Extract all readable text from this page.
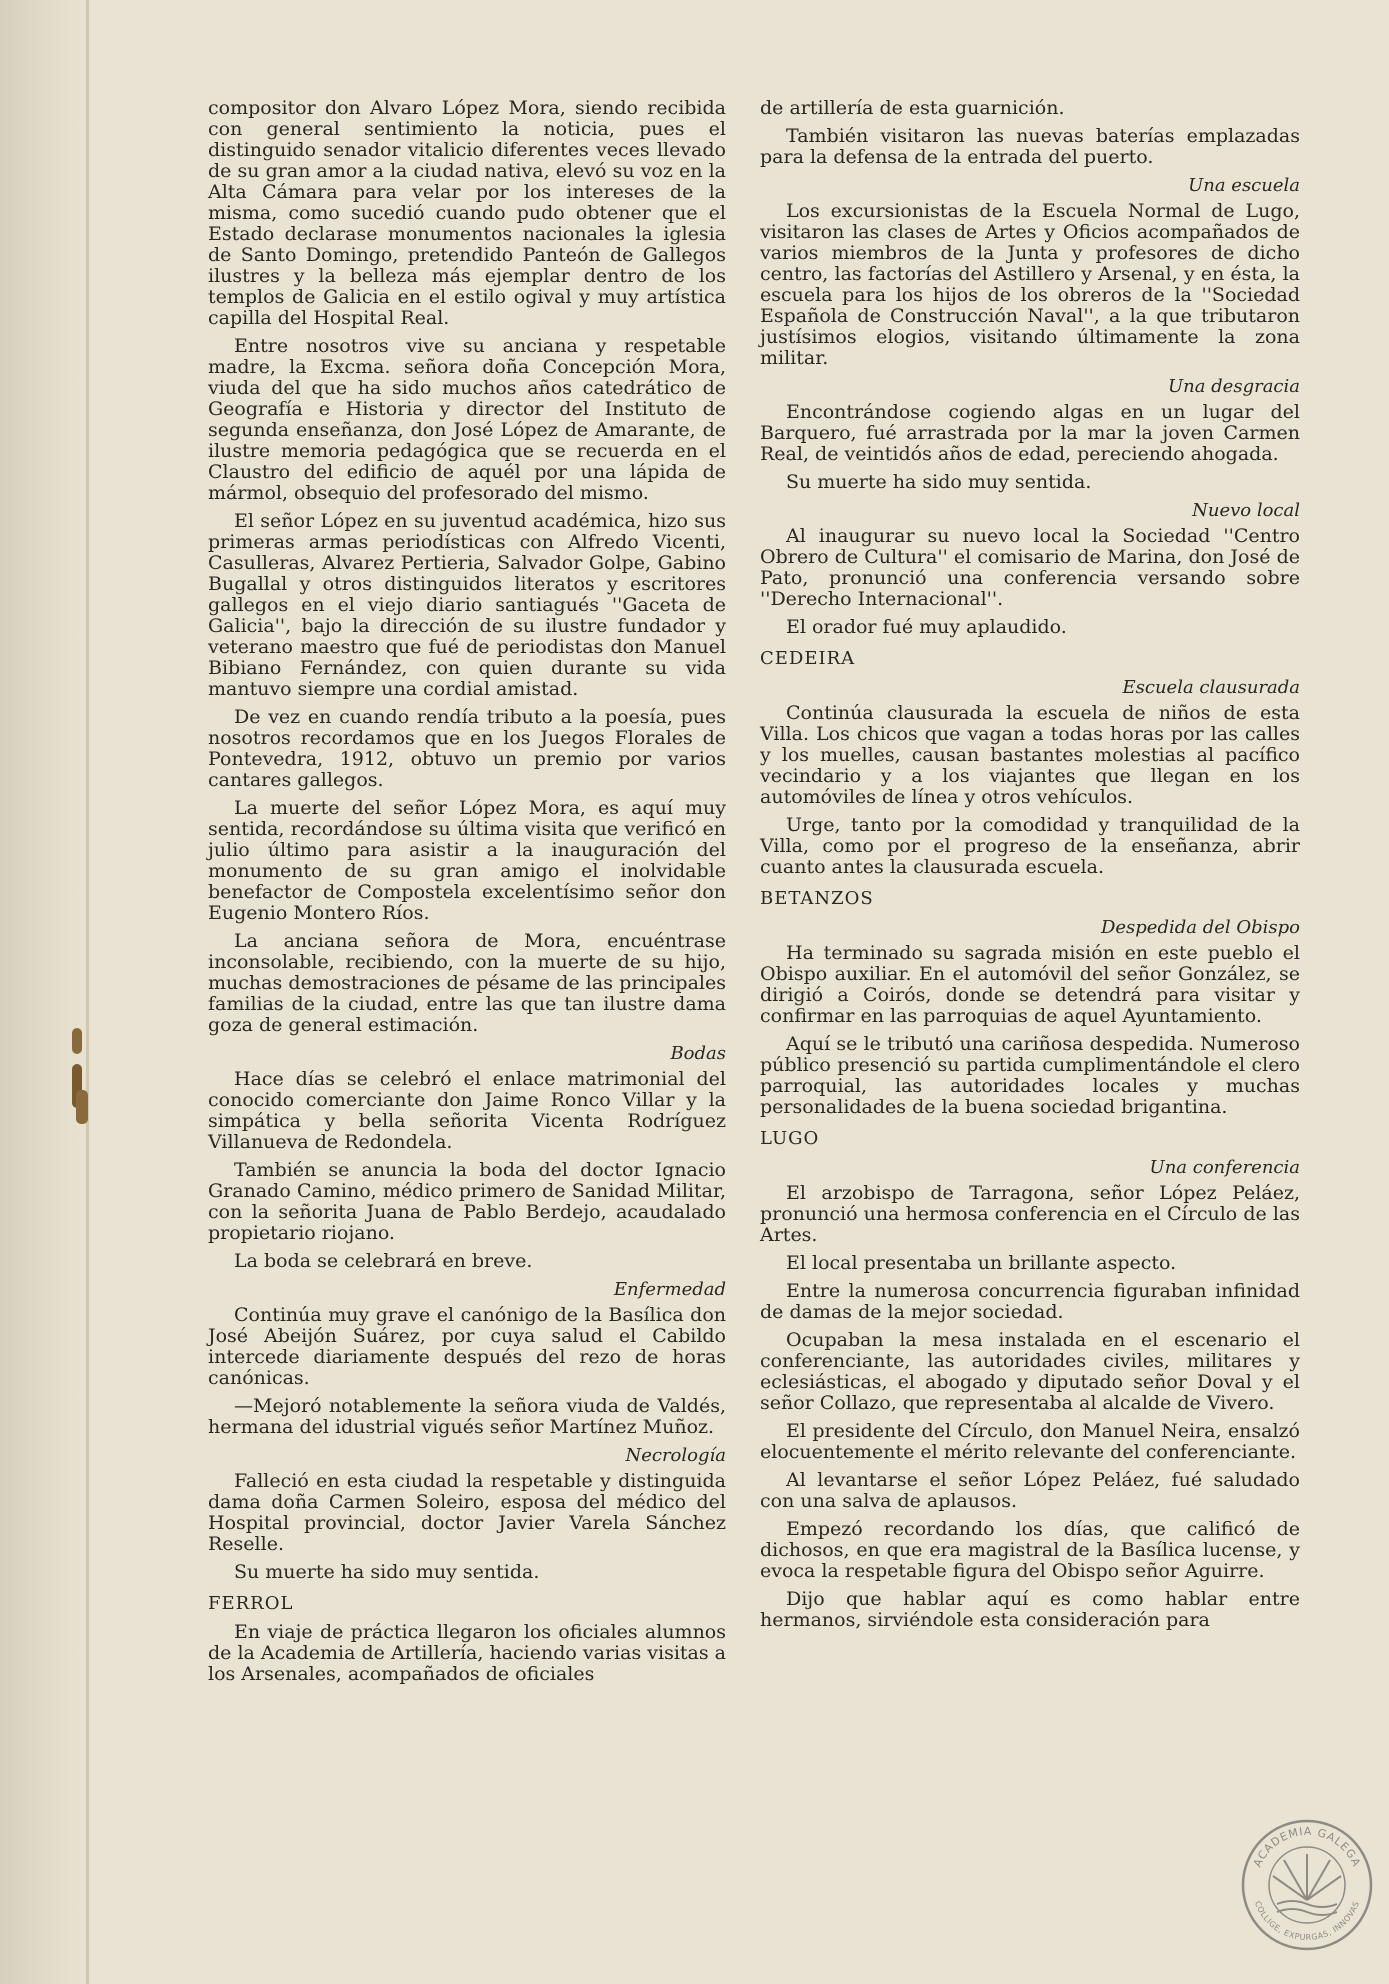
compositor don Alvaro López Mora, siendo recibida con general sentimiento la noticia, pues el distinguido senador vitalicio diferentes veces llevado de su gran amor a la ciudad nativa, elevó su voz en la Alta Cámara para velar por los intereses de la misma, como sucedió cuando pudo obtener que el Estado declarase monumentos nacionales la iglesia de Santo Domingo, pretendido Panteón de Gallegos ilustres y la belleza más ejemplar dentro de los templos de Galicia en el estilo ogival y muy artística capilla del Hospital Real.

Entre nosotros vive su anciana y respetable madre, la Excma. señora doña Concepción Mora, viuda del que ha sido muchos años catedrático de Geografía e Historia y director del Instituto de segunda enseñanza, don José López de Amarante, de ilustre memoria pedagógica que se recuerda en el Claustro del edificio de aquél por una lápida de mármol, obsequio del profesorado del mismo.

El señor López en su juventud académica, hizo sus primeras armas periodísticas con Alfredo Vicenti, Casulleras, Alvarez Pertieria, Salvador Golpe, Gabino Bugallal y otros distinguidos literatos y escritores gallegos en el viejo diario santiagués ''Gaceta de Galicia'', bajo la dirección de su ilustre fundador y veterano maestro que fué de periodistas don Manuel Bibiano Fernández, con quien durante su vida mantuvo siempre una cordial amistad.

De vez en cuando rendía tributo a la poesía, pues nosotros recordamos que en los Juegos Florales de Pontevedra, 1912, obtuvo un premio por varios cantares gallegos.

La muerte del señor López Mora, es aquí muy sentida, recordándose su última visita que verificó en julio último para asistir a la inauguración del monumento de su gran amigo el inolvidable benefactor de Compostela excelentísimo señor don Eugenio Montero Ríos.

La anciana señora de Mora, encuéntrase inconsolable, recibiendo, con la muerte de su hijo, muchas demostraciones de pésame de las principales familias de la ciudad, entre las que tan ilustre dama goza de general estimación.

Bodas

Hace días se celebró el enlace matrimonial del conocido comerciante don Jaime Ronco Villar y la simpática y bella señorita Vicenta Rodríguez Villanueva de Redondela.

También se anuncia la boda del doctor Ignacio Granado Camino, médico primero de Sanidad Militar, con la señorita Juana de Pablo Berdejo, acaudalado propietario riojano.

La boda se celebrará en breve.

Enfermedad

Continúa muy grave el canónigo de la Basílica don José Abeijón Suárez, por cuya salud el Cabildo intercede diariamente después del rezo de horas canónicas.

—Mejoró notablemente la señora viuda de Valdés, hermana del idustrial vigués señor Martínez Muñoz.

Necrología

Falleció en esta ciudad la respetable y distinguida dama doña Carmen Soleiro, esposa del médico del Hospital provincial, doctor Javier Varela Sánchez Reselle.

Su muerte ha sido muy sentida.

FERROL

En viaje de práctica llegaron los oficiales alumnos de la Academia de Artillería, haciendo varias visitas a los Arsenales, acompañados de oficiales

de artillería de esta guarnición.

También visitaron las nuevas baterías emplazadas para la defensa de la entrada del puerto.

Una escuela

Los excursionistas de la Escuela Normal de Lugo, visitaron las clases de Artes y Oficios acompañados de varios miembros de la Junta y profesores de dicho centro, las factorías del Astillero y Arsenal, y en ésta, la escuela para los hijos de los obreros de la ''Sociedad Española de Construcción Naval'', a la que tributaron justísimos elogios, visitando últimamente la zona militar.

Una desgracia

Encontrándose cogiendo algas en un lugar del Barquero, fué arrastrada por la mar la joven Carmen Real, de veintidós años de edad, pereciendo ahogada.

Su muerte ha sido muy sentida.

Nuevo local

Al inaugurar su nuevo local la Sociedad ''Centro Obrero de Cultura'' el comisario de Marina, don José de Pato, pronunció una conferencia versando sobre ''Derecho Internacional''.

El orador fué muy aplaudido.

CEDEIRA
Escuela clausurada

Continúa clausurada la escuela de niños de esta Villa. Los chicos que vagan a todas horas por las calles y los muelles, causan bastantes molestias al pacífico vecindario y a los viajantes que llegan en los automóviles de línea y otros vehículos.

Urge, tanto por la comodidad y tranquilidad de la Villa, como por el progreso de la enseñanza, abrir cuanto antes la clausurada escuela.

BETANZOS
Despedida del Obispo

Ha terminado su sagrada misión en este pueblo el Obispo auxiliar. En el automóvil del señor González, se dirigió a Coirós, donde se detendrá para visitar y confirmar en las parroquias de aquel Ayuntamiento.

Aquí se le tributó una cariñosa despedida. Numeroso público presenció su partida cumplimentándole el clero parroquial, las autoridades locales y muchas personalidades de la buena sociedad brigantina.

LUGO
Una conferencia

El arzobispo de Tarragona, señor López Peláez, pronunció una hermosa conferencia en el Círculo de las Artes.

El local presentaba un brillante aspecto.

Entre la numerosa concurrencia figuraban infinidad de damas de la mejor sociedad.

Ocupaban la mesa instalada en el escenario el conferenciante, las autoridades civiles, militares y eclesiásticas, el abogado y diputado señor Doval y el señor Collazo, que representaba al alcalde de Vivero.

El presidente del Círculo, don Manuel Neira, ensalzó elocuentemente el mérito relevante del conferenciante.

Al levantarse el señor López Peláez, fué saludado con una salva de aplausos.

Empezó recordando los días, que calificó de dichosos, en que era magistral de la Basílica lucense, y evoca la respetable figura del Obispo señor Aguirre.

Dijo que hablar aquí es como hablar entre hermanos, sirviéndole esta consideración para

ACADEMIA GALEGA
COLLIGE, EXPURGAS, INNOVAS
